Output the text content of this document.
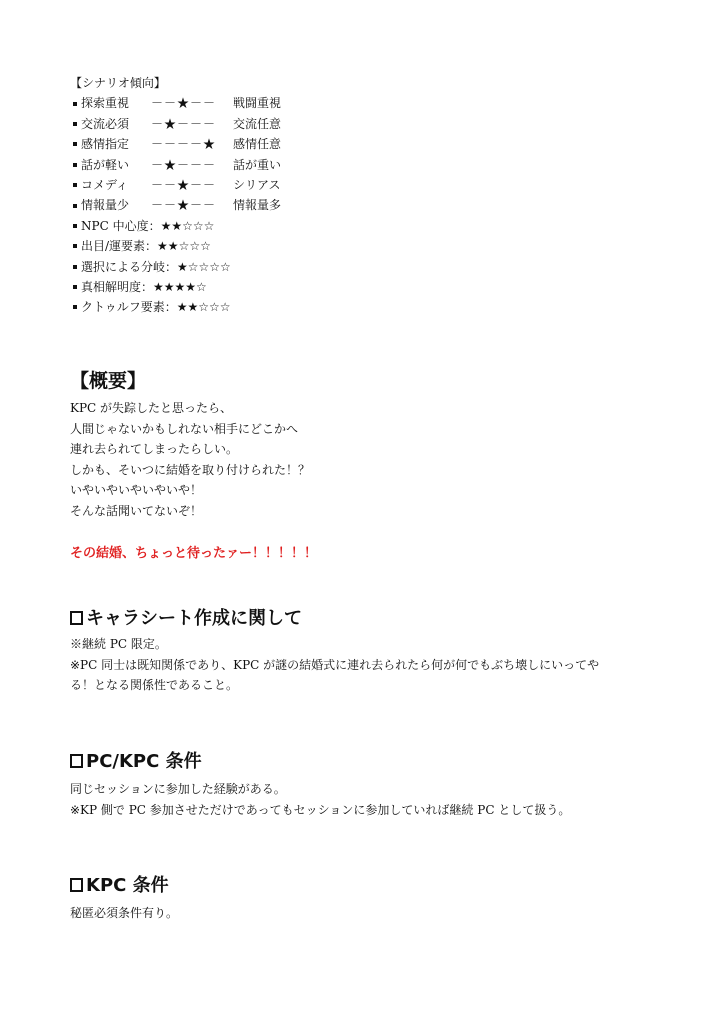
【シナリオ傾向】
探索重視	－－★－－	戦闘重視
交流必須	－★－－－	交流任意
感情指定	－－－－★	感情任意
話が軽い	－★－－－	話が重い
コメディ	－－★－－	シリアス
情報量少	－－★－－	情報量多
NPC 中心度： ★★☆☆☆
出目/運要素： ★★☆☆☆
選択による分岐： ★☆☆☆☆
真相解明度： ★★★★☆
クトゥルフ要素： ★★☆☆☆
【概要】
KPC が失踪したと思ったら、
人間じゃないかもしれない相手にどこかへ
連れ去られてしまったらしい。
しかも、そいつに結婚を取り付けられた！？
いやいやいやいやいや！
そんな話聞いてないぞ！
その結婚、ちょっと待ったァー！！！！！
キャラシート作成に関して
※継続 PC 限定。
※PC 同士は既知関係であり、KPC が謎の結婚式に連れ去られたら何が何でもぶち壊しにいってや
る！となる関係性であること。
PC/KPC 条件
同じセッションに参加した経験がある。
※KP 側で PC 参加させただけであってもセッションに参加していれば継続 PC として扱う。
KPC 条件
秘匿必須条件有り。
